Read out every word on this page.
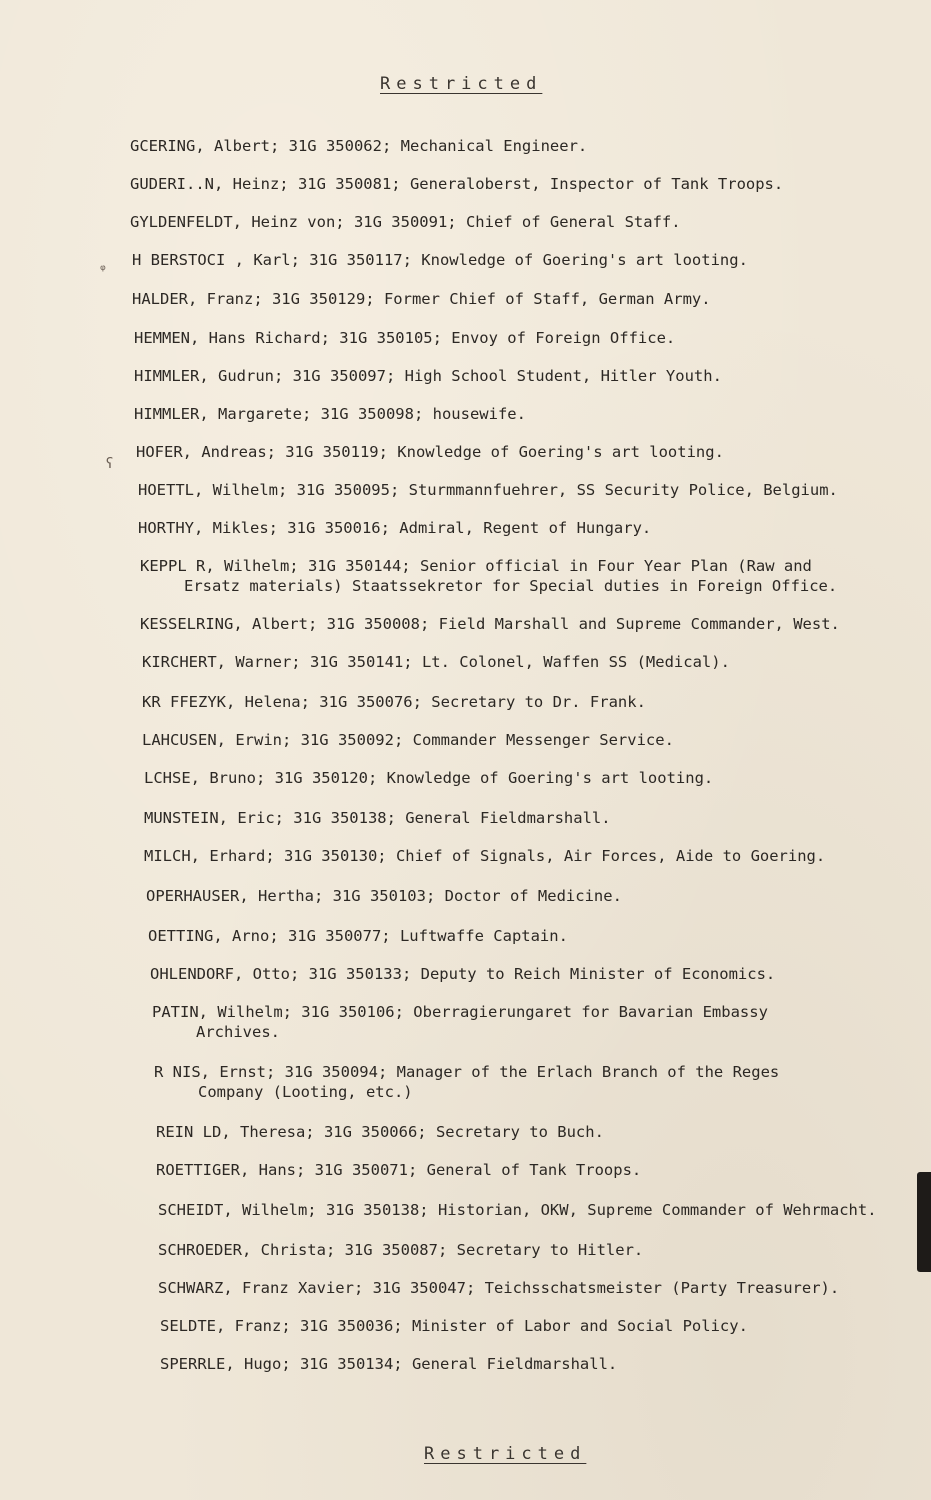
Restricted
ᵩ
ʕ
GCERING, Albert; 31G 350062; Mechanical Engineer.
GUDERI..N, Heinz; 31G 350081; Generaloberst, Inspector of Tank Troops.
GYLDENFELDT, Heinz von; 31G 350091; Chief of General Staff.
H BERSTOCI , Karl; 31G 350117; Knowledge of Goering's art looting.
HALDER, Franz; 31G 350129; Former Chief of Staff, German Army.
HEMMEN, Hans Richard; 31G 350105; Envoy of Foreign Office.
HIMMLER, Gudrun; 31G 350097; High School Student, Hitler Youth.
HIMMLER, Margarete; 31G 350098; housewife.
HOFER, Andreas; 31G 350119; Knowledge of Goering's art looting.
HOETTL, Wilhelm; 31G 350095; Sturmmannfuehrer, SS Security Police, Belgium.
HORTHY, Mikles; 31G 350016; Admiral, Regent of Hungary.
KEPPL R, Wilhelm; 31G 350144; Senior official in Four Year Plan (Raw and
Ersatz materials) Staatssekretor for Special duties in Foreign Office.
KESSELRING, Albert; 31G 350008; Field Marshall and Supreme Commander, West.
KIRCHERT, Warner; 31G 350141; Lt. Colonel, Waffen SS (Medical).
KR FFEZYK, Helena; 31G 350076; Secretary to Dr. Frank.
LAHCUSEN, Erwin; 31G 350092; Commander Messenger Service.
LCHSE, Bruno; 31G 350120; Knowledge of Goering's art looting.
MUNSTEIN, Eric; 31G 350138; General Fieldmarshall.
MILCH, Erhard; 31G 350130; Chief of Signals, Air Forces, Aide to Goering.
OPERHAUSER, Hertha; 31G 350103; Doctor of Medicine.
OETTING, Arno; 31G 350077; Luftwaffe Captain.
OHLENDORF, Otto; 31G 350133; Deputy to Reich Minister of Economics.
PATIN, Wilhelm; 31G 350106; Oberragierungaret for Bavarian Embassy
Archives.
R NIS, Ernst; 31G 350094; Manager of the Erlach Branch of the Reges
Company (Looting, etc.)
REIN LD, Theresa; 31G 350066; Secretary to Buch.
ROETTIGER, Hans; 31G 350071; General of Tank Troops.
SCHEIDT, Wilhelm; 31G 350138; Historian, OKW, Supreme Commander of Wehrmacht.
SCHROEDER, Christa; 31G 350087; Secretary to Hitler.
SCHWARZ, Franz Xavier; 31G 350047; Teichsschatsmeister (Party Treasurer).
SELDTE, Franz; 31G 350036; Minister of Labor and Social Policy.
SPERRLE, Hugo; 31G 350134; General Fieldmarshall.
Restricted
